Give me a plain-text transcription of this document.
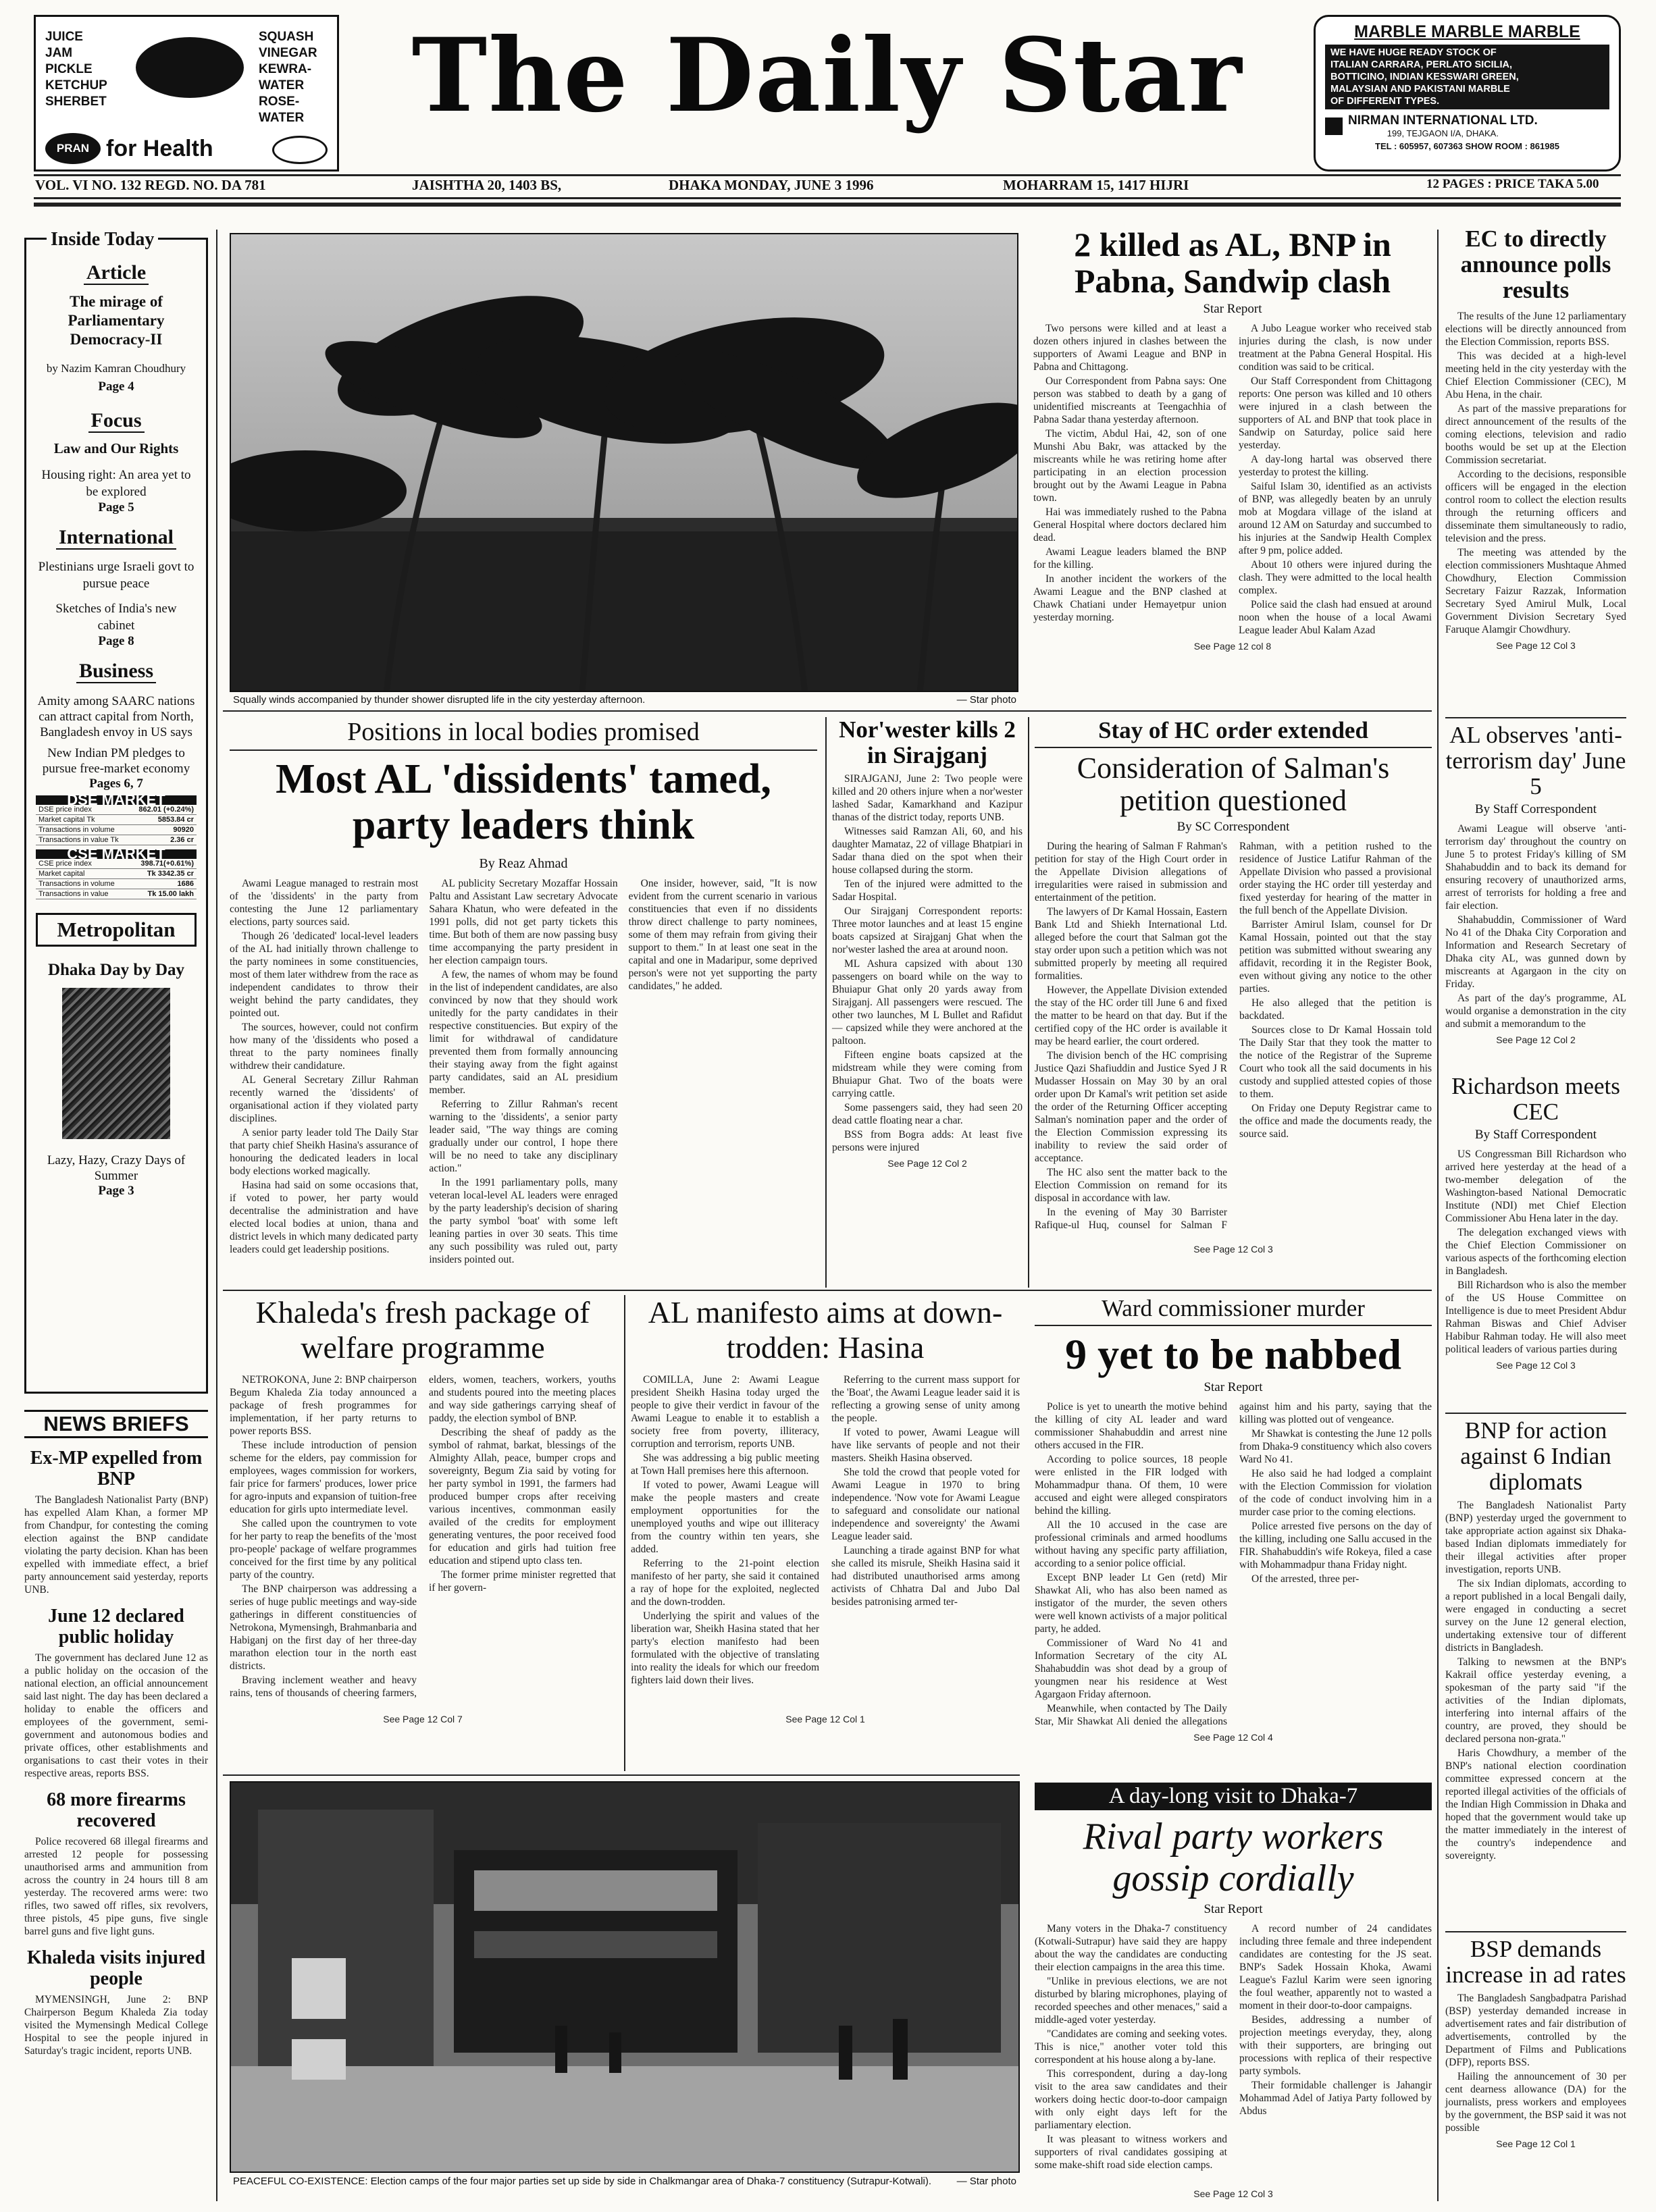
JUICE
JAM
PICKLE
KETCHUP
SHERBET
SQUASH
VINEGAR
KEWRA-
WATER
ROSE-
WATER
PRAN for Health
The Daily Star	MARBLE MARBLE MARBLE
WE HAVE HUGE READY STOCK OF
ITALIAN CARRARA, PERLATO SICILIA,
BOTTICINO, INDIAN KESSWARI GREEN,
MALAYSIAN AND PAKISTANI MARBLE
OF DIFFERENT TYPES.
NIRMAN INTERNATIONAL LTD.
199, TEJGAON I/A, DHAKA.
TEL : 605957, 607363 SHOW ROOM : 861985
VOL. VI NO. 132 REGD. NO. DA 781	JAISHTHA 20, 1403 BS,	DHAKA MONDAY, JUNE 3 1996	MOHARRAM 15, 1417 HIJRI	12 PAGES : PRICE TAKA 5.00
Inside Today
Article
The mirage of Parliamentary Democracy-II
by Nazim Kamran Choudhury
Page 4
Focus
Law and Our Rights
Housing right: An area yet to be explored
Page 5
International
Plestinians urge Israeli govt to pursue peace
Sketches of India's new cabinet
Page 8
Business
Amity among SAARC nations can attract capital from North, Bangladesh envoy in US says
New Indian PM pledges to pursue free-market economy
Pages 6, 7
DSE MARKET
DSE price index	862.01 (+0.24%)
Market capital Tk	5853.84 cr
Transactions in volume	90920
Transactions in value Tk	2.36 cr
CSE MARKET
CSE price index	398.71(+0.61%)
Market capital	Tk 3342.35 cr
Transactions in volume	1686
Transactions in value	Tk 15.00 lakh
Metropolitan
Dhaka Day by Day
Lazy, Hazy, Crazy Days of Summer
Page 3
NEWS BRIEFS
Ex-MP expelled from BNP
The Bangladesh Nationalist Party (BNP) has expelled Alam Khan, a former MP from Chandpur, for contesting the coming election against the BNP candidate violating the party decision. Khan has been expelled with immediate effect, a brief party announcement said yesterday, reports UNB.
June 12 declared public holiday
The government has declared June 12 as a public holiday on the occasion of the national election, an official announcement said last night. The day has been declared a holiday to enable the officers and employees of the government, semi-government and autonomous bodies and private offices, other establishments and organisations to cast their votes in their respective areas, reports BSS.
68 more firearms recovered
Police recovered 68 illegal firearms and arrested 12 people for possessing unauthorised arms and ammunition from across the country in 24 hours till 8 am yesterday. The recovered arms were: two rifles, two sawed off rifles, six revolvers, three pistols, 45 pipe guns, five single barrel guns and five light guns.
Khaleda visits injured people
MYMENSINGH, June 2: BNP Chairperson Begum Khaleda Zia today visited the Mymensingh Medical College Hospital to see the people injured in Saturday's tragic incident, reports UNB.
Squally winds accompanied by thunder shower disrupted life in the city yesterday afternoon.	— Star photo
2 killed as AL, BNP in Pabna, Sandwip clash
Star Report

Two persons were killed and at least a dozen others injured in clashes between the supporters of Awami League and BNP in Pabna and Chittagong.

Our Correspondent from Pabna says: One person was stabbed to death by a gang of unidentified miscreants at Teengachhia of Pabna Sadar thana yesterday afternoon.

The victim, Abdul Hai, 42, son of one Munshi Abu Bakr, was attacked by the miscreants while he was retiring home after participating in an election procession brought out by the Awami League in Pabna town.

Hai was immediately rushed to the Pabna General Hospital where doctors declared him dead.

Awami League leaders blamed the BNP for the killing.

In another incident the workers of the Awami League and the BNP clashed at Chawk Chatiani under Hemayetpur union yesterday morning.

A Jubo League worker who received stab injuries during the clash, is now under treatment at the Pabna General Hospital. His condition was said to be critical.

Our Staff Correspondent from Chittagong reports: One person was killed and 10 others were injured in a clash between the supporters of AL and BNP that took place in Sandwip on Saturday, police said here yesterday.

A day-long hartal was observed there yesterday to protest the killing.

Saiful Islam 30, identified as an activists of BNP, was allegedly beaten by an unruly mob at Mogdara village of the island at around 12 AM on Saturday and succumbed to his injuries at the Sandwip Health Complex after 9 pm, police added.

About 10 others were injured during the clash. They were admitted to the local health complex.

Police said the clash had ensued at around noon when the house of a local Awami League leader Abul Kalam Azad

See Page 12 col 8
EC to directly announce polls results

The results of the June 12 parliamentary elections will be directly announced from the Election Commission, reports BSS.

This was decided at a high-level meeting held in the city yesterday with the Chief Election Commissioner (CEC), M Abu Hena, in the chair.

As part of the massive preparations for direct announcement of the results of the coming elections, television and radio booths would be set up at the Election Commission secretariat.

According to the decisions, responsible officers will be engaged in the election control room to collect the election results through the returning officers and disseminate them simultaneously to radio, television and the press.

The meeting was attended by the election commissioners Mushtaque Ahmed Chowdhury, Election Commission Secretary Faizur Razzak, Information Secretary Syed Amirul Mulk, Local Government Division Secretary Syed Faruque Alamgir Chowdhury.

See Page 12 Col 3
Positions in local bodies promised
Most AL 'dissidents' tamed, party leaders think
By Reaz Ahmad

Awami League managed to restrain most of the 'dissidents' in the party from contesting the June 12 parliamentary elections, party sources said.

Though 26 'dedicated' local-level leaders of the AL had initially thrown challenge to the party nominees in some constituencies, most of them later withdrew from the race as independent candidates to throw their weight behind the party candidates, they pointed out.

The sources, however, could not confirm how many of the 'dissidents who posed a threat to the party nominees finally withdrew their candidature.

AL General Secretary Zillur Rahman recently warned the 'dissidents' of organisational action if they violated party disciplines.

A senior party leader told The Daily Star that party chief Sheikh Hasina's assurance of honouring the dedicated leaders in local body elections worked magically.

Hasina had said on some occasions that, if voted to power, her party would decentralise the administration and have elected local bodies at union, thana and district levels in which many dedicated party leaders could get leadership positions.

AL publicity Secretary Mozaffar Hossain Paltu and Assistant Law secretary Advocate Sahara Khatun, who were defeated in the 1991 polls, did not get party tickets this time. But both of them are now passing busy time accompanying the party president in her election campaign tours.

A few, the names of whom may be found in the list of independent candidates, are also convinced by now that they should work unitedly for the party candidates in their respective constituencies. But expiry of the limit for withdrawal of candidature prevented them from formally announcing their staying away from the fight against party candidates, said an AL presidium member.

Referring to Zillur Rahman's recent warning to the 'dissidents', a senior party leader said, "The way things are coming gradually under our control, I hope there will be no need to take any disciplinary action."

In the 1991 parliamentary polls, many veteran local-level AL leaders were enraged by the party leadership's decision of sharing the party symbol 'boat' with some left leaning parties in over 30 seats. This time any such possibility was ruled out, party insiders pointed out.

One insider, however, said, "It is now evident from the current scenario in various constituencies that even if no dissidents throw direct challenge to party nominees, some of them may refrain from giving their support to them." In at least one seat in the capital and one in Madaripur, some deprived person's were not yet supporting the party candidates," he added.

Nor'wester kills 2 in Sirajganj

SIRAJGANJ, June 2: Two people were killed and 20 others injure when a nor'wester lashed Sadar, Kamarkhand and Kazipur thanas of the district today, reports UNB.

Witnesses said Ramzan Ali, 60, and his daughter Mamataz, 22 of village Bhatpiari in Sadar thana died on the spot when their house collapsed during the storm.

Ten of the injured were admitted to the Sadar Hospital.

Our Sirajganj Correspondent reports: Three motor launches and at least 15 engine boats capsized at Sirajganj Ghat when the nor'wester lashed the area at around noon.

ML Ashura capsized with about 130 passengers on board while on the way to Bhuiapur Ghat only 20 yards away from Sirajganj. All passengers were rescued. The other two launches, M L Bullet and Rafidut — capsized while they were anchored at the paltoon.

Fifteen engine boats capsized at the midstream while they were coming from Bhuiapur Ghat. Two of the boats were carrying cattle.

Some passengers said, they had seen 20 dead cattle floating near a char.

BSS from Bogra adds: At least five persons were injured

See Page 12 Col 2
Stay of HC order extended
Consideration of Salman's petition questioned
By SC Correspondent

During the hearing of Salman F Rahman's petition for stay of the High Court order in the Appellate Division allegations of irregularities were raised in submission and entertainment of the petition.

The lawyers of Dr Kamal Hossain, Eastern Bank Ltd and Shiekh International Ltd. alleged before the court that Salman got the stay order upon such a petition which was not submitted properly by meeting all required formalities.

However, the Appellate Division extended the stay of the HC order till June 6 and fixed the matter to be heard on that day. But if the certified copy of the HC order is available it may be heard earlier, the court ordered.

The division bench of the HC comprising Justice Qazi Shafiuddin and Justice Syed J R Mudasser Hossain on May 30 by an oral order upon Dr Kamal's writ petition set aside the order of the Returning Officer accepting Salman's nomination paper and the order of the Election Commission expressing its inability to review the said order of acceptance.

The HC also sent the matter back to the Election Commission on remand for its disposal in accordance with law.

In the evening of May 30 Barrister Rafique-ul Huq, counsel for Salman F Rahman, with a petition rushed to the residence of Justice Latifur Rahman of the Appellate Division who passed a provisional order staying the HC order till yesterday and fixed yesterday for hearing of the matter in the full bench of the Appellate Division.

Barrister Amirul Islam, counsel for Dr Kamal Hossain, pointed out that the stay petition was submitted without swearing any affidavit, recording it in the Register Book, even without giving any notice to the other parties.

He also alleged that the petition is backdated.

Sources close to Dr Kamal Hossain told The Daily Star that they took the matter to the notice of the Registrar of the Supreme Court who took all the said documents in his custody and supplied attested copies of those to them.

On Friday one Deputy Registrar came to the office and made the documents ready, the source said.

See Page 12 Col 3
AL observes 'anti-terrorism day' June 5
By Staff Correspondent

Awami League will observe 'anti-terrorism day' throughout the country on June 5 to protest Friday's killing of SM Shahabuddin and to back its demand for ensuring recovery of unauthorized arms, arrest of terrorists for holding a free and fair election.

Shahabuddin, Commissioner of Ward No 41 of the Dhaka City Corporation and Information and Research Secretary of Dhaka city AL, was gunned down by miscreants at Agargaon in the city on Friday.

As part of the day's programme, AL would organise a demonstration in the city and submit a memorandum to the

See Page 12 Col 2
Richardson meets CEC
By Staff Correspondent

US Congressman Bill Richardson who arrived here yesterday at the head of a two-member delegation of the Washington-based National Democratic Institute (NDI) met Chief Election Commissioner Abu Hena later in the day.

The delegation exchanged views with the Chief Election Commissioner on various aspects of the forthcoming election in Bangladesh.

Bill Richardson who is also the member of the US House Committee on Intelligence is due to meet President Abdur Rahman Biswas and Chief Adviser Habibur Rahman today. He will also meet political leaders of various parties during

See Page 12 Col 3
BNP for action against 6 Indian diplomats

The Bangladesh Nationalist Party (BNP) yesterday urged the government to take appropriate action against six Dhaka-based Indian diplomats immediately for their illegal activities after proper investigation, reports UNB.

The six Indian diplomats, according to a report published in a local Bengali daily, were engaged in conducting a secret survey on the June 12 general election, undertaking extensive tour of different districts in Bangladesh.

Talking to newsmen at the BNP's Kakrail office yesterday evening, a spokesman of the party said "if the activities of the Indian diplomats, interfering into internal affairs of the country, are proved, they should be declared persona non-grata."

Haris Chowdhury, a member of the BNP's national election coordination committee expressed concern at the reported illegal activities of the officials of the Indian High Commission in Dhaka and hoped that the government would take up the matter immediately in the interest of the country's independence and sovereignty.

BSP demands increase in ad rates

The Bangladesh Sangbadpatra Parishad (BSP) yesterday demanded increase in advertisement rates and fair distribution of advertisements, controlled by the Department of Films and Publications (DFP), reports BSS.

Hailing the announcement of 30 per cent dearness allowance (DA) for the journalists, press workers and employees by the government, the BSP said it was not possible

See Page 12 Col 1
Khaleda's fresh package of welfare programme

NETROKONA, June 2: BNP chairperson Begum Khaleda Zia today announced a package of fresh programmes for implementation, if her party returns to power reports BSS.

These include introduction of pension scheme for the elders, pay commission for employees, wages commission for workers, fair price for farmers' produces, lower price for agro-inputs and expansion of tuition-free education for girls upto intermediate level.

She called upon the countrymen to vote for her party to reap the benefits of the 'most pro-people' package of welfare programmes conceived for the first time by any political party of the country.

The BNP chairperson was addressing a series of huge public meetings and way-side gatherings in different constituencies of Netrokona, Mymensingh, Brahmanbaria and Habiganj on the first day of her three-day marathon election tour in the north east districts.

Braving inclement weather and heavy rains, tens of thousands of cheering farmers, elders, women, teachers, workers, youths and students poured into the meeting places and way side gatherings carrying sheaf of paddy, the election symbol of BNP.

Describing the sheaf of paddy as the symbol of rahmat, barkat, blessings of the Almighty Allah, peace, bumper crops and sovereignty, Begum Zia said by voting for her party symbol in 1991, the farmers had produced bumper crops after receiving various incentives, commonman easily availed of the credits for employment generating ventures, the poor received food for education and girls had tuition free education and stipend upto class ten.

The former prime minister regretted that if her govern-

See Page 12 Col 7
AL manifesto aims at down-trodden: Hasina

COMILLA, June 2: Awami League president Sheikh Hasina today urged the people to give their verdict in favour of the Awami League to enable it to establish a society free from poverty, illiteracy, corruption and terrorism, reports UNB.

She was addressing a big public meeting at Town Hall premises here this afternoon.

If voted to power, Awami League will make the people masters and create employment opportunities for the unemployed youths and wipe out illiteracy from the country within ten years, she added.

Referring to the 21-point election manifesto of her party, she said it contained a ray of hope for the exploited, neglected and the down-trodden.

Underlying the spirit and values of the liberation war, Sheikh Hasina stated that her party's election manifesto had been formulated with the objective of translating into reality the ideals for which our freedom fighters laid down their lives.

Referring to the current mass support for the 'Boat', the Awami League leader said it is reflecting a growing sense of unity among the people.

If voted to power, Awami League will have like servants of people and not their masters. Sheikh Hasina observed.

She told the crowd that people voted for Awami League in 1970 to bring independence. 'Now vote for Awami League to safeguard and consolidate our national independence and sovereignty' the Awami League leader said.

Launching a tirade against BNP for what she called its misrule, Sheikh Hasina said it had distributed unauthorised arms among activists of Chhatra Dal and Jubo Dal besides patronising armed ter-

See Page 12 Col 1
Ward commissioner murder
9 yet to be nabbed
Star Report

Police is yet to unearth the motive behind the killing of city AL leader and ward commissioner Shahabuddin and arrest nine others accused in the FIR.

According to police sources, 18 people were enlisted in the FIR lodged with Mohammadpur thana. Of them, 10 were accused and eight were alleged conspirators behind the killing.

All the 10 accused in the case are professional criminals and armed hoodlums without having any specific party affiliation, according to a senior police official.

Except BNP leader Lt Gen (retd) Mir Shawkat Ali, who has also been named as instigator of the murder, the seven others were well known activists of a major political party, he added.

Commissioner of Ward No 41 and Information Secretary of the city AL Shahabuddin was shot dead by a group of youngmen near his residence at West Agargaon Friday afternoon.

Meanwhile, when contacted by The Daily Star, Mir Shawkat Ali denied the allegations against him and his party, saying that the killing was plotted out of vengeance.

Mr Shawkat is contesting the June 12 polls from Dhaka-9 constituency which also covers Ward No 41.

He also said he had lodged a complaint with the Election Commission for violation of the code of conduct involving him in a murder case prior to the coming elections.

Police arrested five persons on the day of the killing, including one Sallu accused in the FIR. Shahabuddin's wife Rokeya, filed a case with Mohammadpur thana Friday night.

Of the arrested, three per-

See Page 12 Col 4
PEACEFUL CO-EXISTENCE: Election camps of the four major parties set up side by side in Chalkmangar area of Dhaka-7 constituency (Sutrapur-Kotwali).	— Star photo
A day-long visit to Dhaka-7
Rival party workers gossip cordially
Star Report

Many voters in the Dhaka-7 constituency (Kotwali-Sutrapur) have said they are happy about the way the candidates are conducting their election campaigns in the area this time.

"Unlike in previous elections, we are not disturbed by blaring microphones, playing of recorded speeches and other menaces," said a middle-aged voter yesterday.

"Candidates are coming and seeking votes. This is nice," another voter told this correspondent at his house along a by-lane.

This correspondent, during a day-long visit to the area saw candidates and their workers doing hectic door-to-door campaign with only eight days left for the parliamentary election.

It was pleasant to witness workers and supporters of rival candidates gossiping at some make-shift road side election camps.

A record number of 24 candidates including three female and three independent candidates are contesting for the JS seat. BNP's Sadek Hossain Khoka, Awami League's Fazlul Karim were seen ignoring the foul weather, apparently not to wasted a moment in their door-to-door campaigns.

Besides, addressing a number of projection meetings everyday, they, along with their supporters, are bringing out processions with replica of their respective party symbols.

Their formidable challenger is Jahangir Mohammad Adel of Jatiya Party followed by Abdus

See Page 12 Col 3
